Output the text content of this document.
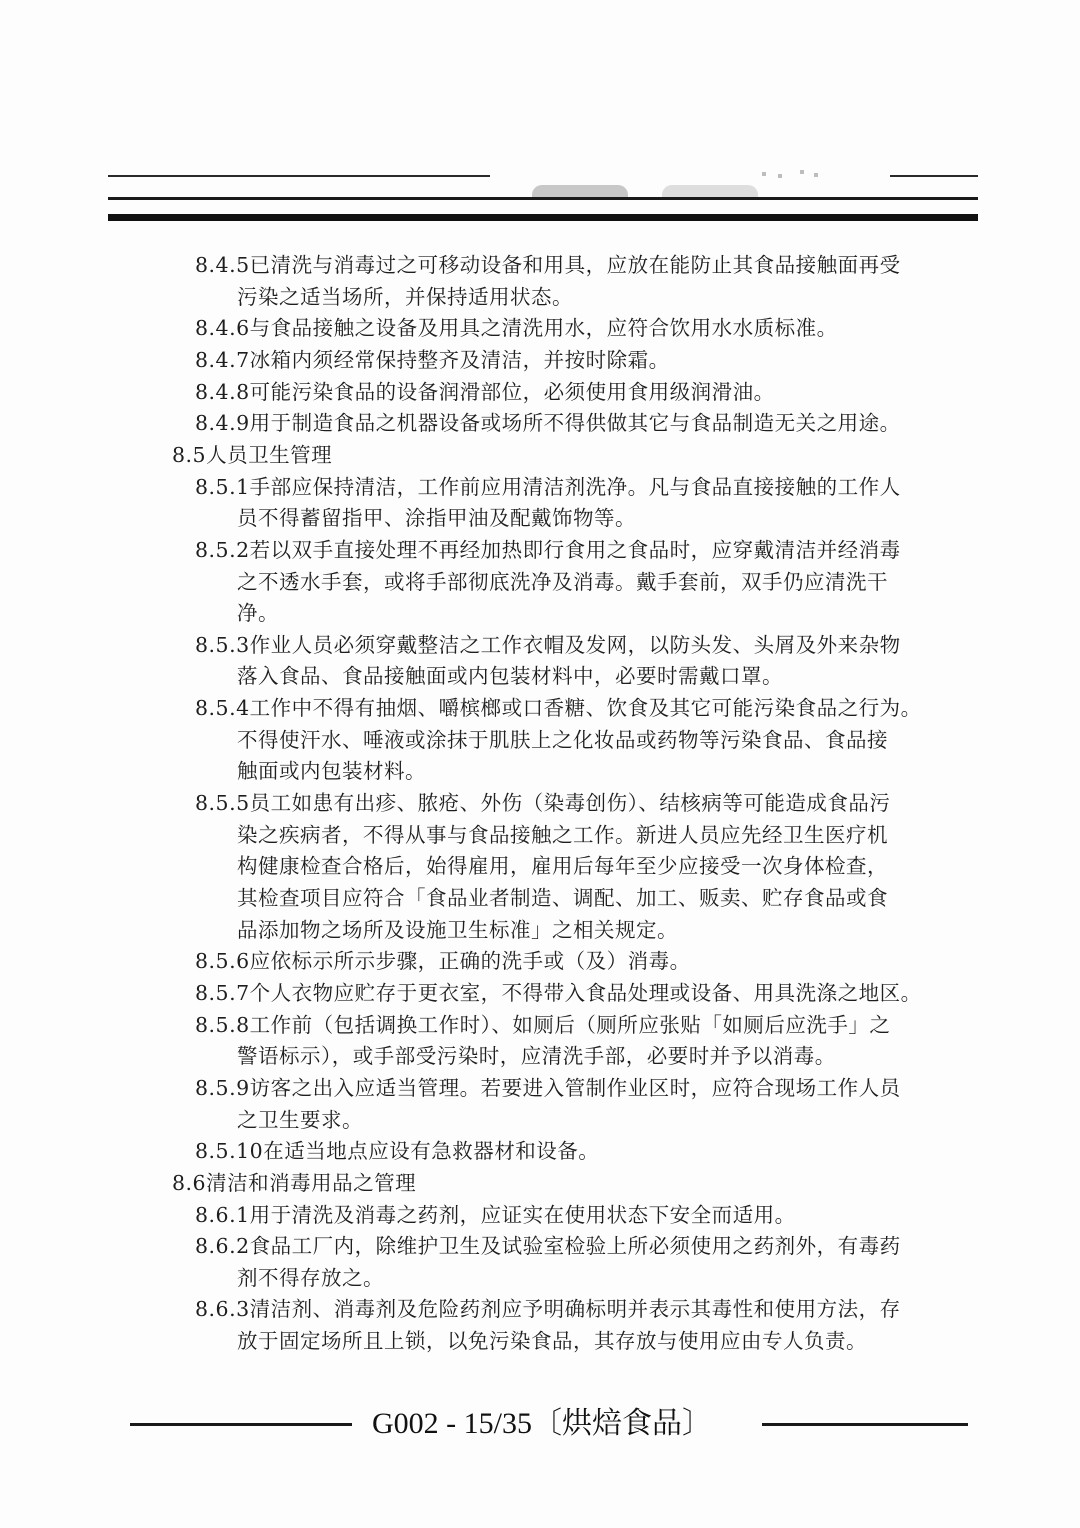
8.4.5已清洗与消毒过之可移动设备和用具，应放在能防止其食品接触面再受
污染之适当场所，并保持适用状态。
8.4.6与食品接触之设备及用具之清洗用水，应符合饮用水水质标准。
8.4.7冰箱内须经常保持整齐及清洁，并按时除霜。
8.4.8可能污染食品的设备润滑部位，必须使用食用级润滑油。
8.4.9用于制造食品之机器设备或场所不得供做其它与食品制造无关之用途。
8.5人员卫生管理
8.5.1手部应保持清洁，工作前应用清洁剂洗净。凡与食品直接接触的工作人
员不得蓄留指甲、涂指甲油及配戴饰物等。
8.5.2若以双手直接处理不再经加热即行食用之食品时，应穿戴清洁并经消毒
之不透水手套，或将手部彻底洗净及消毒。戴手套前，双手仍应清洗干
净。
8.5.3作业人员必须穿戴整洁之工作衣帽及发网，以防头发、头屑及外来杂物
落入食品、食品接触面或内包装材料中，必要时需戴口罩。
8.5.4工作中不得有抽烟、嚼槟榔或口香糖、饮食及其它可能污染食品之行为。
不得使汗水、唾液或涂抹于肌肤上之化妆品或药物等污染食品、食品接
触面或内包装材料。
8.5.5员工如患有出疹、脓疮、外伤（染毒创伤）、结核病等可能造成食品污
染之疾病者，不得从事与食品接触之工作。新进人员应先经卫生医疗机
构健康检查合格后，始得雇用，雇用后每年至少应接受一次身体检查，
其检查项目应符合「食品业者制造、调配、加工、贩卖、贮存食品或食
品添加物之场所及设施卫生标准」之相关规定。
8.5.6应依标示所示步骤，正确的洗手或（及）消毒。
8.5.7个人衣物应贮存于更衣室，不得带入食品处理或设备、用具洗涤之地区。
8.5.8工作前（包括调换工作时）、如厕后（厕所应张贴「如厕后应洗手」之
警语标示），或手部受污染时，应清洗手部，必要时并予以消毒。
8.5.9访客之出入应适当管理。若要进入管制作业区时，应符合现场工作人员
之卫生要求。
8.5.10在适当地点应设有急救器材和设备。
8.6清洁和消毒用品之管理
8.6.1用于清洗及消毒之药剂，应证实在使用状态下安全而适用。
8.6.2食品工厂内，除维护卫生及试验室检验上所必须使用之药剂外，有毒药
剂不得存放之。
8.6.3清洁剂、消毒剂及危险药剂应予明确标明并表示其毒性和使用方法，存
放于固定场所且上锁，以免污染食品，其存放与使用应由专人负责。
G002 - 15/35〔烘焙食品〕
